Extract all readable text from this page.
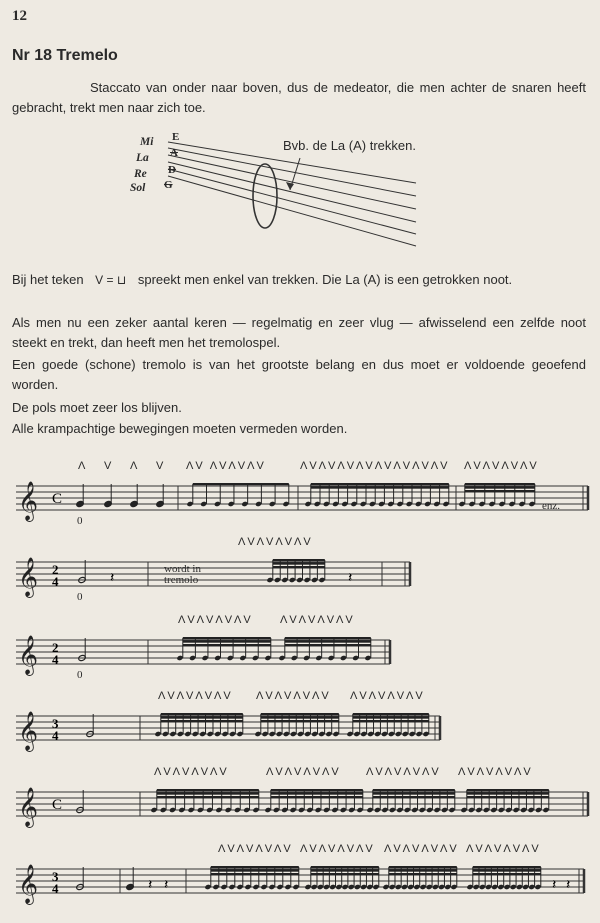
12
Nr 18 Tremelo
Staccato van onder naar boven, dus de medeator, die men achter de snaren heeft gebracht, trekt men naar zich toe.
Mi
La
Re
Sol
E
A
D
G
Bvb. de La (A) trekken.
Bij het teken V = ⊔ spreekt men enkel van trekken. Die La (A) is een getrokken noot.
Als men nu een zeker aantal keren — regelmatig en zeer vlug — afwisselend een zelfde noot steekt en trekt, dan heeft men het tremolospel.
Een goede (schone) tremolo is van het grootste belang en dus moet er voldoende geoefend worden.
De pols moet zeer los blijven.
Alle krampachtige bewegingen moeten vermeden worden.
𝄞 C
0
Λ V Λ V ΛV ΛVΛVΛV	ΛVΛVΛVΛVΛVΛVΛVΛV ΛVΛVΛVΛV
enz.
𝄞 2
4	𝄽	𝄽
0
ΛVΛVΛVΛV
wordt in
tremolo
𝄞 2
4
0
ΛVΛVΛVΛV ΛVΛVΛVΛV
𝄞 3
4
ΛVΛVΛVΛV ΛVΛVΛVΛV ΛVΛVΛVΛV
𝄞 C
ΛVΛVΛVΛV	ΛVΛVΛVΛV ΛVΛVΛVΛV ΛVΛVΛVΛV
𝄞 3
4	𝄽 𝄽	𝄽 𝄽
ΛVΛVΛVΛV ΛVΛVΛVΛV ΛVΛVΛVΛV ΛVΛVΛVΛV
